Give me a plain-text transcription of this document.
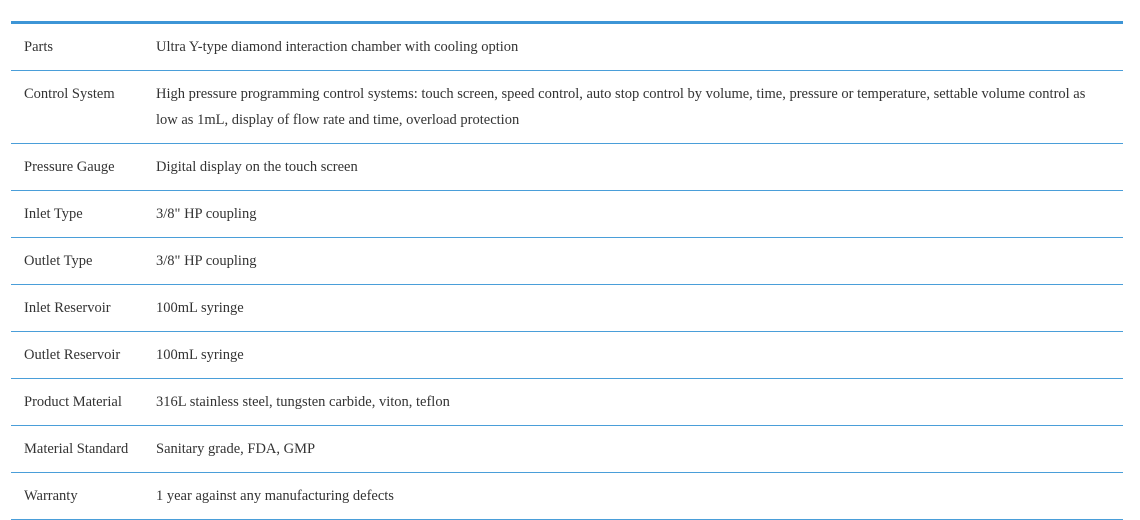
Parts	Ultra Y-type diamond interaction chamber with cooling option
Control System	High pressure programming control systems: touch screen, speed control, auto stop control by volume, time, pressure or temperature, settable volume control as low as 1mL, display of flow rate and time, overload protection
Pressure Gauge	Digital display on the touch screen
Inlet Type	3/8" HP coupling
Outlet Type	3/8" HP coupling
Inlet Reservoir	100mL syringe
Outlet Reservoir	100mL syringe
Product Material	316L stainless steel, tungsten carbide, viton, teflon
Material Standard	Sanitary grade, FDA, GMP
Warranty	1 year against any manufacturing defects
